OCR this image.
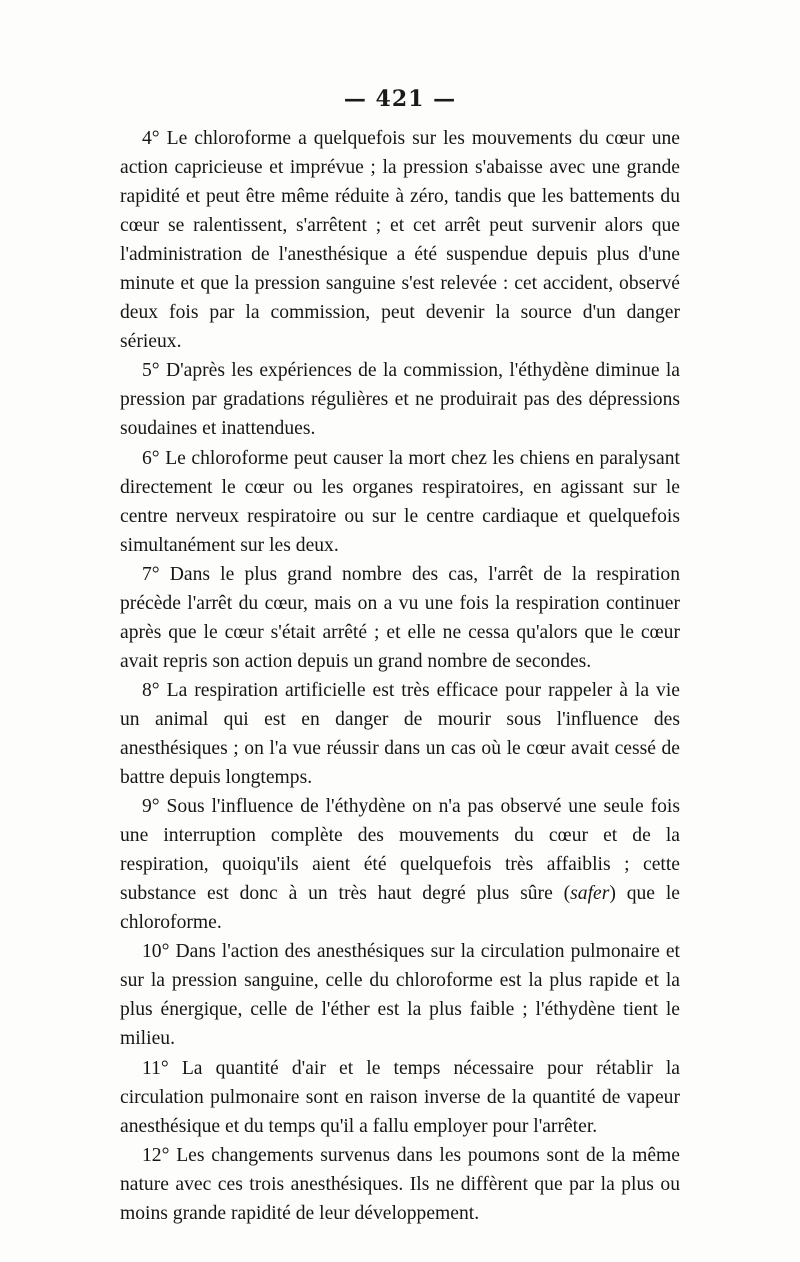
— 421 —

4° Le chloroforme a quelquefois sur les mouvements du cœur une action capricieuse et imprévue ; la pression s'abaisse avec une grande rapidité et peut être même réduite à zéro, tandis que les battements du cœur se ralentissent, s'arrêtent ; et cet arrêt peut survenir alors que l'administration de l'anesthésique a été suspendue depuis plus d'une minute et que la pression sanguine s'est relevée : cet accident, observé deux fois par la commission, peut devenir la source d'un danger sérieux.

5° D'après les expériences de la commission, l'éthydène diminue la pression par gradations régulières et ne produirait pas des dépressions soudaines et inattendues.

6° Le chloroforme peut causer la mort chez les chiens en paralysant directement le cœur ou les organes respiratoires, en agissant sur le centre nerveux respiratoire ou sur le centre cardiaque et quelquefois simultanément sur les deux.

7° Dans le plus grand nombre des cas, l'arrêt de la respiration précède l'arrêt du cœur, mais on a vu une fois la respiration continuer après que le cœur s'était arrêté ; et elle ne cessa qu'alors que le cœur avait repris son action depuis un grand nombre de secondes.

8° La respiration artificielle est très efficace pour rappeler à la vie un animal qui est en danger de mourir sous l'influence des anesthésiques ; on l'a vue réussir dans un cas où le cœur avait cessé de battre depuis longtemps.

9° Sous l'influence de l'éthydène on n'a pas observé une seule fois une interruption complète des mouvements du cœur et de la respiration, quoiqu'ils aient été quelquefois très affaiblis ; cette substance est donc à un très haut degré plus sûre (safer) que le chloroforme.

10° Dans l'action des anesthésiques sur la circulation pulmonaire et sur la pression sanguine, celle du chloroforme est la plus rapide et la plus énergique, celle de l'éther est la plus faible ; l'éthydène tient le milieu.

11° La quantité d'air et le temps nécessaire pour rétablir la circulation pulmonaire sont en raison inverse de la quantité de vapeur anesthésique et du temps qu'il a fallu employer pour l'arrêter.

12° Les changements survenus dans les poumons sont de la même nature avec ces trois anesthésiques. Ils ne diffèrent que par la plus ou moins grande rapidité de leur développement.
